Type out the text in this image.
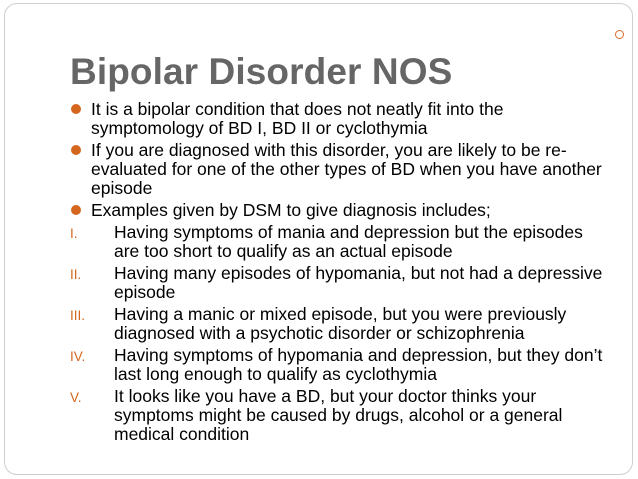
Bipolar Disorder NOS
It is a bipolar condition that does not neatly fit into the symptomology of BD I, BD II or cyclothymia
If you are diagnosed with this disorder, you are likely to be re-evaluated for one of the other types of BD when you have another episode
Examples given by DSM to give diagnosis includes;
I. Having symptoms of mania and depression but the episodes are too short to qualify as an actual episode
II. Having many episodes of hypomania, but not had a depressive episode
III. Having a manic or mixed episode, but you were previously diagnosed with a psychotic disorder or schizophrenia
IV. Having symptoms of hypomania and depression, but they don’t last long enough to qualify as cyclothymia
V. It looks like you have a BD, but your doctor thinks your symptoms might be caused by drugs, alcohol or a general medical condition
